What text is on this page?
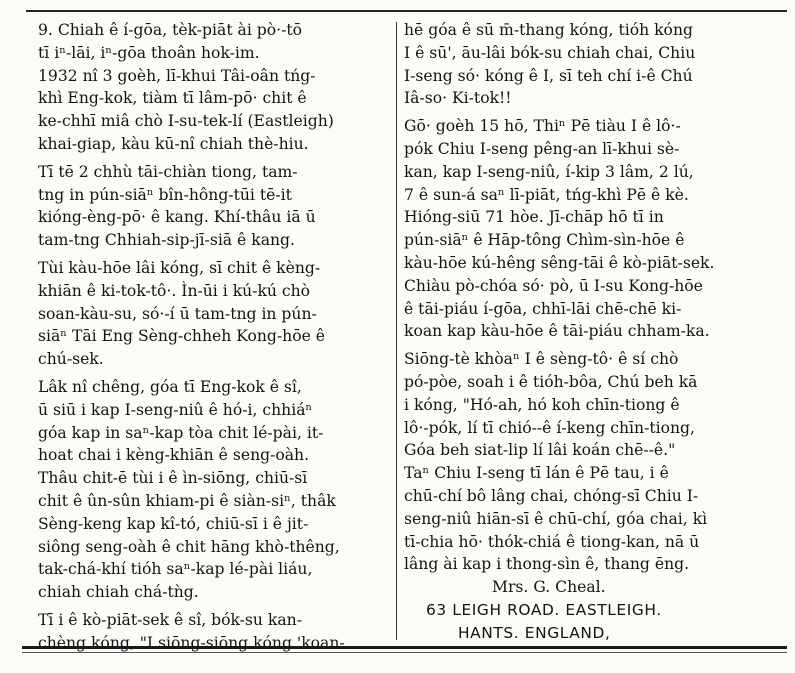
9. Chiah ê í-gōa, tèk-piāt ài pò·-tō
tī iⁿ-lāi, iⁿ-gōa thoân hok-im.
1932 nî 3 goèh, lī-khui Tâi-oân tńg-
khì Eng-kok, tiàm tī lâm-pō· chit ê
ke-chhī miâ chò I-su-tek-lí (Eastleigh)
khai-giap, kàu kū-nî chiah thè-hiu.
Tī tē 2 chhù tāi-chiàn tiong, tam-
tng in pún-siāⁿ bîn-hông-tūi tē-it
kióng-èng-pō· ê kang. Khí-thâu iā ū
tam-tng Chhiah-sip-jī-siā ê kang.
Tùi kàu-hōe lâi kóng, sī chit ê kèng-
khiān ê ki-tok-tô·. Ìn-ūi i kú-kú chò
soan-kàu-su, só·-í ū tam-tng in pún-
siāⁿ Tāi Eng Sèng-chheh Kong-hōe ê
chú-sek.
Lâk nî chêng, góa tī Eng-kok ê sî,
ū siū i kap I-seng-niû ê hó-i, chhiáⁿ
góa kap in saⁿ-kap tòa chit lé-pài, it-
hoat chai i kèng-khiān ê seng-oàh.
Thâu chit-ē tùi i ê ìn-siōng, chiū-sī
chit ê ûn-sûn khiam-pi ê siàn-siⁿ, thâk
Sèng-keng kap kî-tó, chiū-sī i ê jit-
siông seng-oàh ê chit hāng khò-thêng,
tak-chá-khí tióh saⁿ-kap lé-pài liáu,
chiah chiah chá-tǹg.
Tī i ê kò-piāt-sek ê sî, bók-su kan-
chèng kóng, "I siōng-siōng kóng 'koan-
hē góa ê sū m̄-thang kóng, tióh kóng
I ê sū', āu-lâi bók-su chiah chai, Chiu
I-seng só· kóng ê I, sī teh chí i-ê Chú
Iâ-so· Ki-tok!!
Gō· goèh 15 hō, Thiⁿ Pē tiàu I ê lô·-
pók Chiu I-seng pêng-an lī-khui sè-
kan, kap I-seng-niû, í-kip 3 lâm, 2 lú,
7 ê sun-á saⁿ lī-piāt, tńg-khì Pē ê kè.
Hióng-siū 71 hòe. Jī-chāp hō tī in
pún-siāⁿ ê Hāp-tông Chìm-sìn-hōe ê
kàu-hōe kú-hêng sêng-tāi ê kò-piāt-sek.
Chiàu pò-chóa só· pò, ū I-su Kong-hōe
ê tāi-piáu í-gōa, chhī-lāi chē-chē ki-
koan kap kàu-hōe ê tāi-piáu chham-ka.
Siōng-tè khòaⁿ I ê sèng-tô· ê sí chò
pó-pòe, soah i ê tióh-bôa, Chú beh kā
i kóng, "Hó-ah, hó koh chīn-tiong ê
lô·-pók, lí tī chió--ê í-keng chīn-tiong,
Góa beh siat-lip lí lâi koán chē--ê."
Taⁿ Chiu I-seng tī lán ê Pē tau, i ê
chū-chí bô lâng chai, chóng-sī Chiu I-
seng-niû hiān-sī ê chū-chí, góa chai, kì
tī-chia hō· thók-chiá ê tiong-kan, nā ū
lâng ài kap i thong-sìn ê, thang ēng.
Mrs. G. Cheal.
63 LEIGH ROAD. EASTLEIGH.
HANTS. ENGLAND,
